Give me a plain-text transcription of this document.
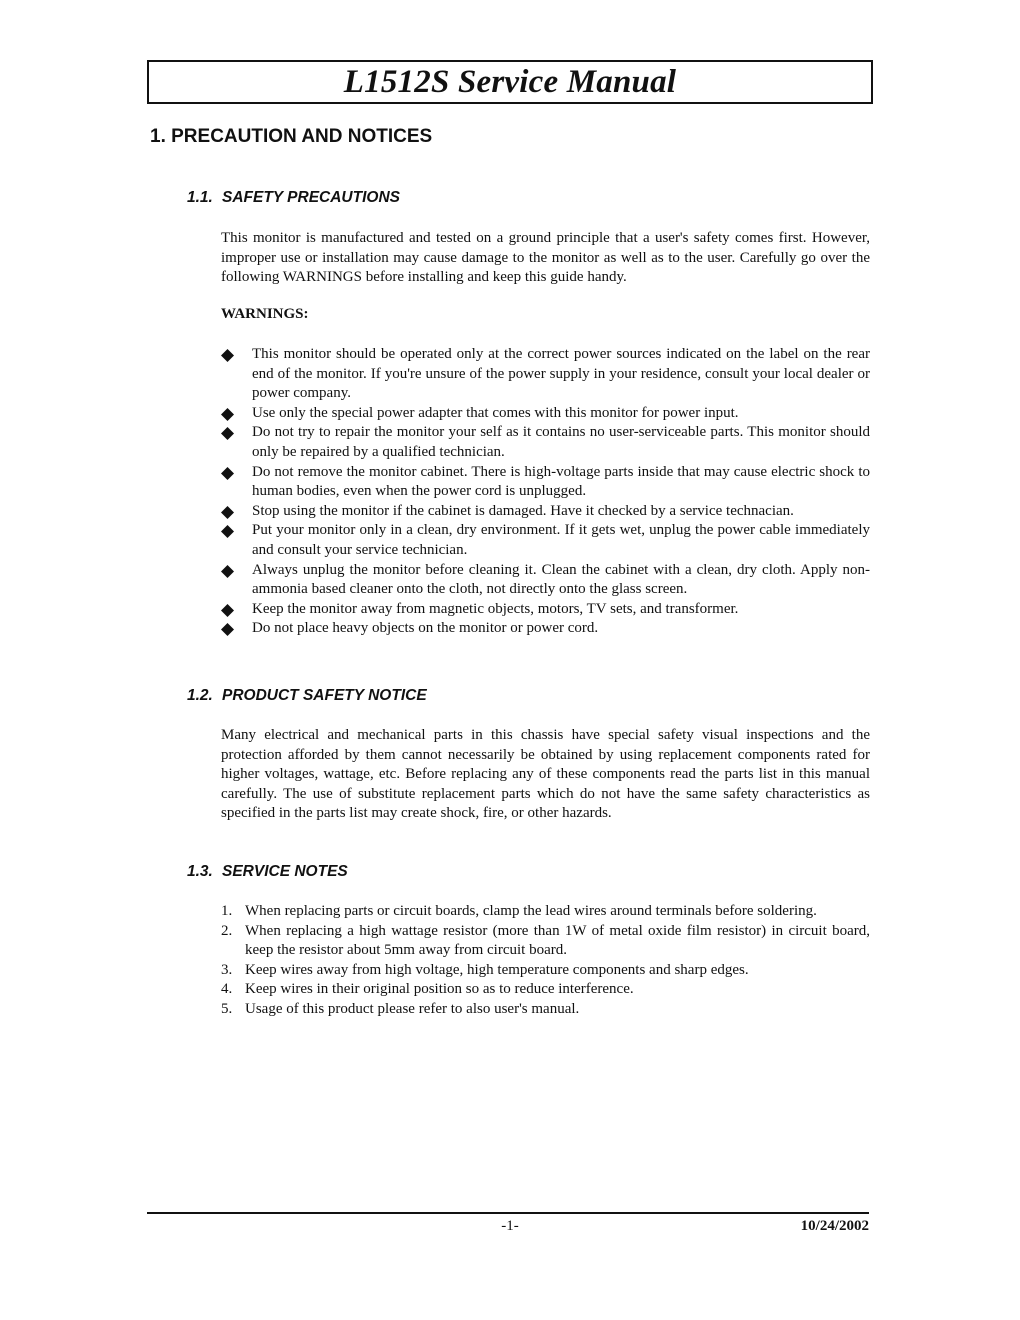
L1512S Service Manual
1. PRECAUTION AND NOTICES
1.1. SAFETY PRECAUTIONS
This monitor is manufactured and tested on a ground principle that a user's safety comes first. However, improper use or installation may cause damage to the monitor as well as to the user. Carefully go over the following WARNINGS before installing and keep this guide handy.
WARNINGS:
This monitor should be operated only at the correct power sources indicated on the label on the rear end of the monitor. If you're unsure of the power supply in your residence, consult your local dealer or power company.
Use only the special power adapter that comes with this monitor for power input.
Do not try to repair the monitor your self as it contains no user-serviceable parts. This monitor should only be repaired by a qualified technician.
Do not remove the monitor cabinet. There is high-voltage parts inside that may cause electric shock to human bodies, even when the power cord is unplugged.
Stop using the monitor if the cabinet is damaged. Have it checked by a service technacian.
Put your monitor only in a clean, dry environment. If it gets wet, unplug the power cable immediately and consult your service technician.
Always unplug the monitor before cleaning it. Clean the cabinet with a clean, dry cloth. Apply non-ammonia based cleaner onto the cloth, not directly onto the glass screen.
Keep the monitor away from magnetic objects, motors, TV sets, and transformer.
Do not place heavy objects on the monitor or power cord.
1.2. PRODUCT SAFETY NOTICE
Many electrical and mechanical parts in this chassis have special safety visual inspections and the protection afforded by them cannot necessarily be obtained by using replacement components rated for higher voltages, wattage, etc. Before replacing any of these components read the parts list in this manual carefully. The use of substitute replacement parts which do not have the same safety characteristics as specified in the parts list may create shock, fire, or other hazards.
1.3. SERVICE NOTES
1. When replacing parts or circuit boards, clamp the lead wires around terminals before soldering.
2. When replacing a high wattage resistor (more than 1W of metal oxide film resistor) in circuit board, keep the resistor about 5mm away from circuit board.
3. Keep wires away from high voltage, high temperature components and sharp edges.
4. Keep wires in their original position so as to reduce interference.
5. Usage of this product please refer to also user's manual.
-1-	10/24/2002
